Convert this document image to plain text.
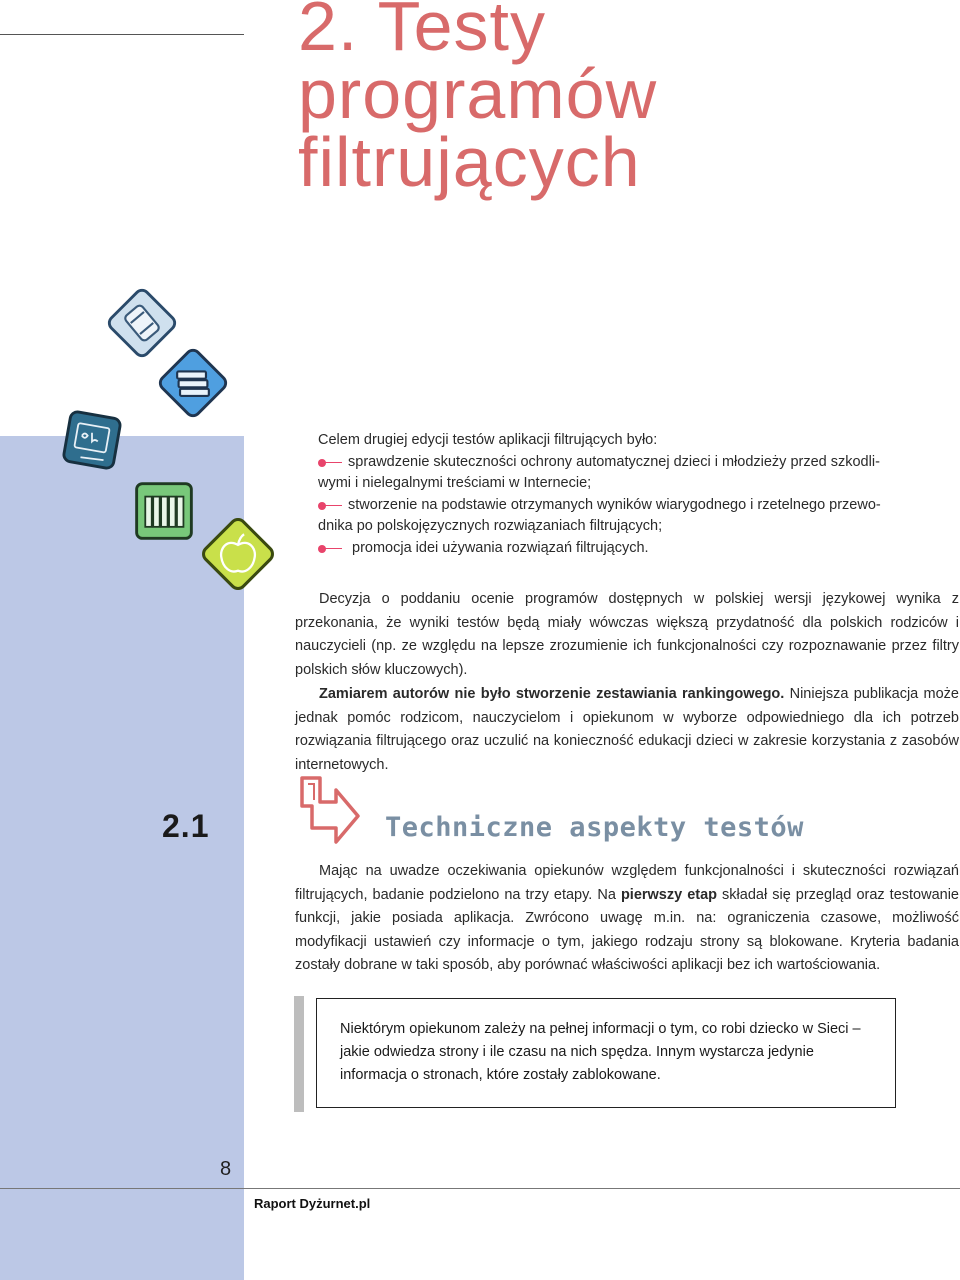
2. Testy
programów
filtrujących

Celem drugiej edycji testów aplikacji filtrujących było:

sprawdzenie skuteczności ochrony automatycznej dzieci i młodzieży przed szkodli-
wymi i nielegalnymi treściami w Internecie;
stworzenie na podstawie otrzymanych wyników wiarygodnego i rzetelnego przewo-
dnika po polskojęzycznych rozwiązaniach filtrujących;
promocja idei używania rozwiązań filtrujących.

Decyzja o poddaniu ocenie programów dostępnych w polskiej wersji językowej wynika z przekonania, że wyniki testów będą miały wówczas większą przydatność dla polskich rodziców i nauczycieli (np. ze względu na lepsze zrozumienie ich funkcjonalności czy rozpoznawanie przez filtry polskich słów kluczowych).

Zamiarem autorów nie było stworzenie zestawiania rankingowego. Niniejsza publikacja może jednak pomóc rodzicom, nauczycielom i opiekunom w wyborze odpowiedniego dla ich potrzeb rozwiązania filtrującego oraz uczulić na konieczność edukacji dzieci w zakresie korzystania z zasobów internetowych.

2.1	Techniczne aspekty testów

Mając na uwadze oczekiwania opiekunów względem funkcjonalności i skuteczności rozwiązań filtrujących, badanie podzielono na trzy etapy. Na pierwszy etap składał się przegląd oraz testowanie funkcji, jakie posiada aplikacja. Zwrócono uwagę m.in. na: ograniczenia czasowe, możliwość modyfikacji ustawień czy informacje o tym, jakiego rodzaju strony są blokowane. Kryteria badania zostały dobrane w taki sposób, aby porównać właściwości aplikacji bez ich wartościowania.

Niektórym opiekunom zależy na pełnej informacji o tym, co robi dziecko w Sieci – jakie odwiedza strony i ile czasu na nich spędza. Innym wystarcza jedynie informacja o stronach, które zostały zablokowane.
8
Raport Dyżurnet.pl
